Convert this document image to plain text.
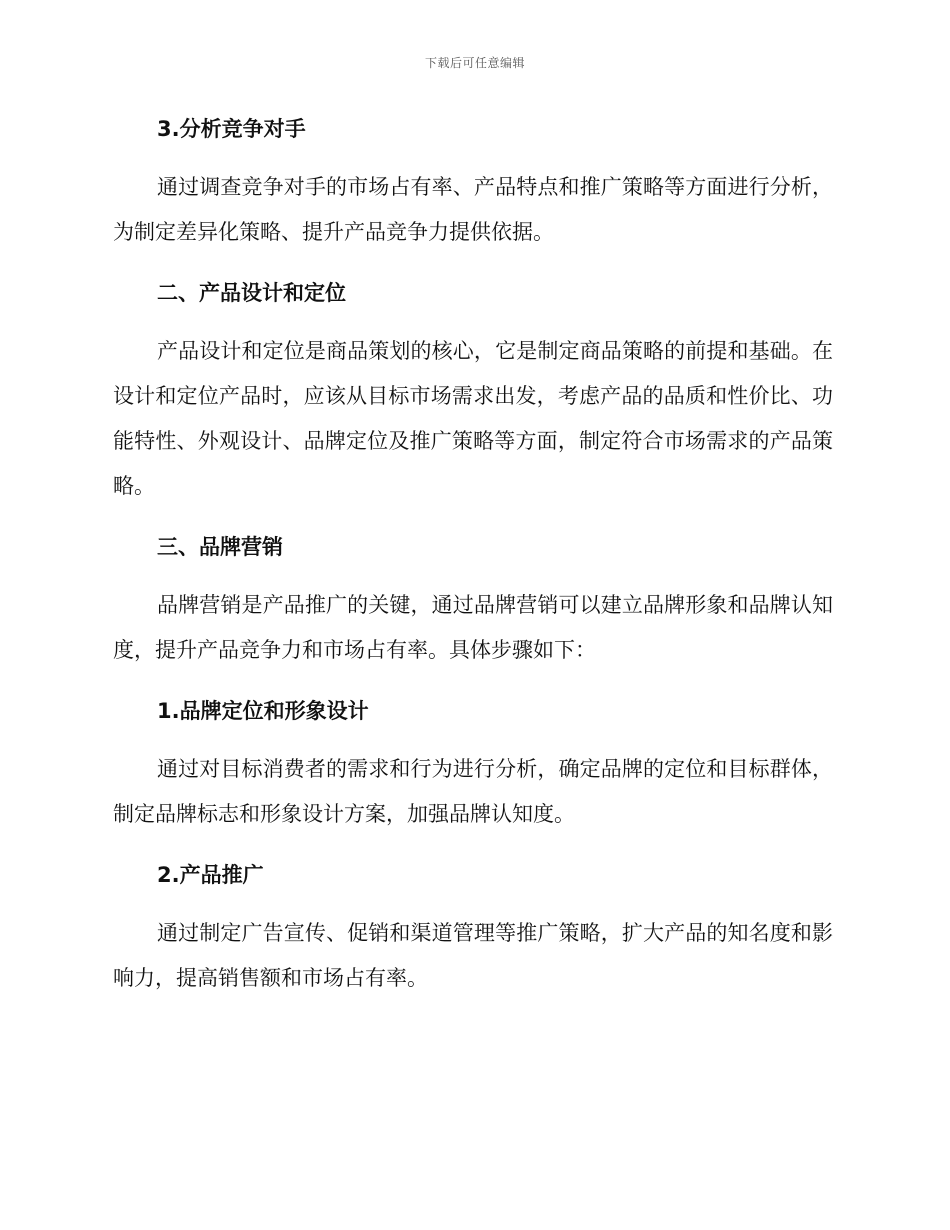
下载后可任意编辑
3.分析竞争对手

通过调查竞争对手的市场占有率、产品特点和推广策略等方面进行分析，为制定差异化策略、提升产品竞争力提供依据。

二、产品设计和定位

产品设计和定位是商品策划的核心，它是制定商品策略的前提和基础。在设计和定位产品时，应该从目标市场需求出发，考虑产品的品质和性价比、功能特性、外观设计、品牌定位及推广策略等方面，制定符合市场需求的产品策略。

三、品牌营销

品牌营销是产品推广的关键，通过品牌营销可以建立品牌形象和品牌认知度，提升产品竞争力和市场占有率。具体步骤如下：

1.品牌定位和形象设计

通过对目标消费者的需求和行为进行分析，确定品牌的定位和目标群体，制定品牌标志和形象设计方案，加强品牌认知度。

2.产品推广

通过制定广告宣传、促销和渠道管理等推广策略，扩大产品的知名度和影响力，提高销售额和市场占有率。
